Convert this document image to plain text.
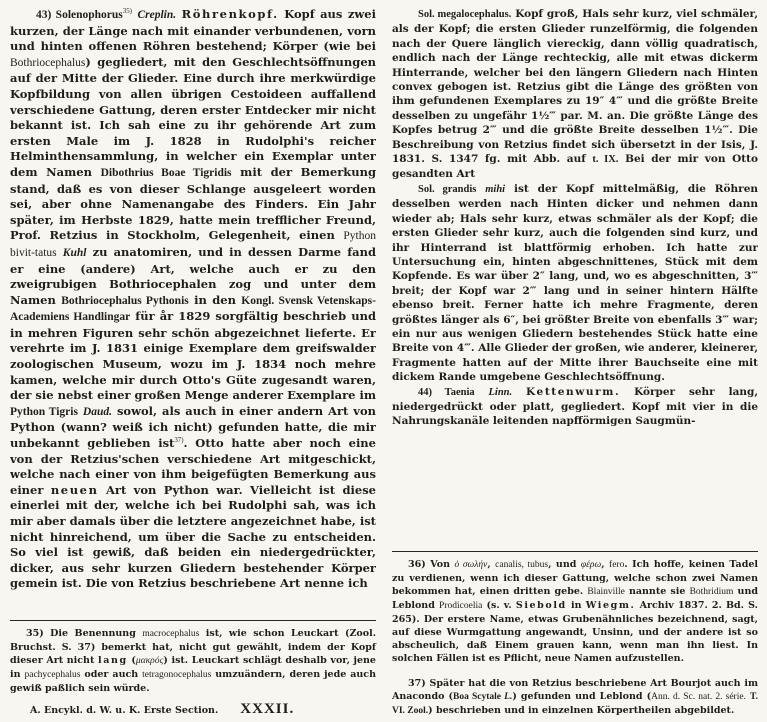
43) Solenophorus$^{35)}$ Creplin. Röhrenkopf. Kopf aus zwei kurzen, der Länge nach mit einander verbundenen, vorn und hinten offenen Röhren bestehend; Körper (wie bei Bothriocephalus) gegliedert, mit den Geschlechtsöffnungen auf der Mitte der Glieder. Eine durch ihre merkwürdige Kopfbildung von allen übrigen Cestoideen auffallend verschiedene Gattung, deren erster Entdecker mir nicht bekannt ist. Ich sah eine zu ihr gehörende Art zum ersten Male im J. 1828 in Rudolphi's reicher Helminthensammlung, in welcher ein Exemplar unter dem Namen Dibothrius Boae Tigridis mit der Bemerkung stand, daß es von dieser Schlange ausgeleert worden sei, aber ohne Namenangabe des Finders. Ein Jahr später, im Herbste 1829, hatte mein trefflicher Freund, Prof. Retzius in Stockholm, Gelegenheit, einen Python bivit-tatus Kuhl zu anatomiren, und in dessen Darme fand er eine (andere) Art, welche auch er zu den zweigrubigen Bothriocephalen zog und unter dem Namen Bothriocephalus Pythonis in den Kongl. Svensk Vetenskaps-Academiens Handlingar für år 1829 sorgfältig beschrieb und in mehren Figuren sehr schön abgezeichnet lieferte. Er verehrte im J. 1831 einige Exemplare dem greifswalder zoologischen Museum, wozu im J. 1834 noch mehre kamen, welche mir durch Otto's Güte zugesandt waren, der sie nebst einer großen Menge anderer Exemplare im Python Tigris Daud. sowol, als auch in einer andern Art von Python (wann? weiß ich nicht) gefunden hatte, die mir unbekannt geblieben ist$^{37)}$. Otto hatte aber noch eine von der Retzius'schen verschiedene Art mitgeschickt, welche nach einer von ihm beigefügten Bemerkung aus einer neuen Art von Python war. Vielleicht ist diese einerlei mit der, welche ich bei Rudolphi sah, was ich mir aber damals über die letztere angezeichnet habe, ist nicht hinreichend, um über die Sache zu entscheiden. So viel ist gewiß, daß beiden ein niedergedrückter, dicker, aus sehr kurzen Gliedern bestehender Körper gemein ist. Die von Retzius beschriebene Art nenne ich

35) Die Benennung macrocephalus ist, wie schon Leuckart (Zool. Bruchst. S. 37) bemerkt hat, nicht gut gewählt, indem der Kopf dieser Art nicht lang (μακρός) ist. Leuckart schlägt deshalb vor, jene in pachycephalus oder auch tetragonocephalus umzuändern, deren jede auch gewiß paßlich sein würde.

A. Encykl. d. W. u. K. Erste Section. XXXII.

Sol. megalocephalus. Kopf groß, Hals sehr kurz, viel schmäler, als der Kopf; die ersten Glieder runzelförmig, die folgenden nach der Quere länglich viereckig, dann völlig quadratisch, endlich nach der Länge rechteckig, alle mit etwas dickerm Hinterrande, welcher bei den längern Gliedern nach Hinten convex gebogen ist. Retzius gibt die Länge des größten von ihm gefundenen Exemplares zu 19″ 4‴ und die größte Breite desselben zu ungefähr 1½‴ par. M. an. Die größte Länge des Kopfes betrug 2‴ und die größte Breite desselben 1½‴. Die Beschreibung von Retzius findet sich übersetzt in der Isis, J. 1831. S. 1347 fg. mit Abb. auf t. IX. Bei der mir von Otto gesandten Art

Sol. grandis mihi ist der Kopf mittelmäßig, die Röhren desselben werden nach Hinten dicker und nehmen dann wieder ab; Hals sehr kurz, etwas schmäler als der Kopf; die ersten Glieder sehr kurz, auch die folgenden sind kurz, und ihr Hinterrand ist blattförmig erhoben. Ich hatte zur Untersuchung ein, hinten abgeschnittenes, Stück mit dem Kopfende. Es war über 2″ lang, und, wo es abgeschnitten, 3‴ breit; der Kopf war 2‴ lang und in seiner hintern Hälfte ebenso breit. Ferner hatte ich mehre Fragmente, deren größtes länger als 6″, bei größter Breite von ebenfalls 3‴ war; ein nur aus wenigen Gliedern bestehendes Stück hatte eine Breite von 4‴. Alle Glieder der großen, wie anderer, kleinerer, Fragmente hatten auf der Mitte ihrer Bauchseite eine mit dickem Rande umgebene Geschlechtsöffnung.

44) Taenia Linn. Kettenwurm. Körper sehr lang, niedergedrückt oder platt, gegliedert. Kopf mit vier in die Nahrungskanäle leitenden napfförmigen Saugmün-

36) Von ὁ σωλήν, canalis, tubus, und φέρω, fero. Ich hoffe, keinen Tadel zu verdienen, wenn ich dieser Gattung, welche schon zwei Namen bekommen hat, einen dritten gebe. Blainville nannte sie Bothridium und Leblond Prodicoelia (s. v. Siebold in Wiegm. Archiv 1837. 2. Bd. S. 265). Der erstere Name, etwas Grubenähnliches bezeichnend, sagt, auf diese Wurmgattung angewandt, Unsinn, und der andere ist so abscheulich, daß Einem grauen kann, wenn man ihn liest. In solchen Fällen ist es Pflicht, neue Namen aufzustellen.

37) Später hat die von Retzius beschriebene Art Bourjot auch im Anacondo (Boa Scytale L.) gefunden und Leblond (Ann. d. Sc. nat. 2. série. T. VI. Zool.) beschrieben und in einzelnen Körpertheilen abgebildet.
